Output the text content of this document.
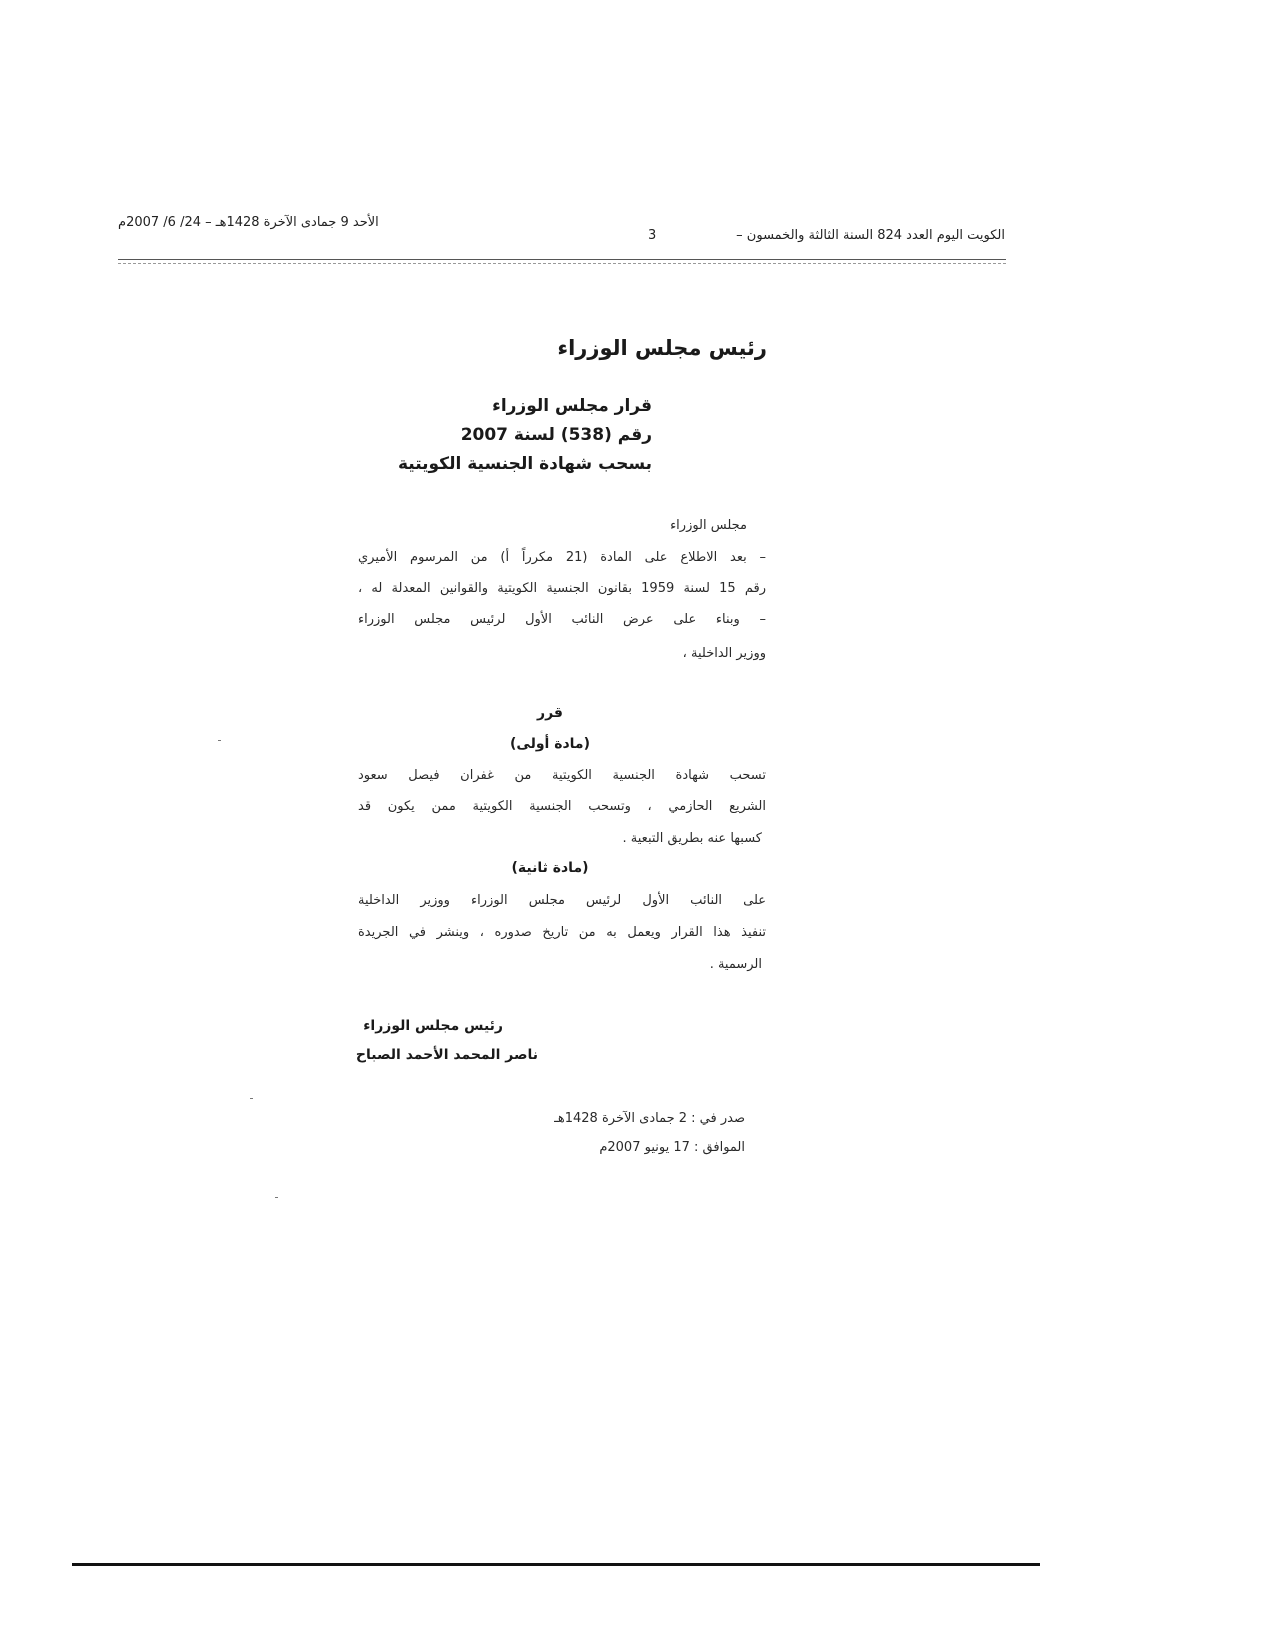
الكويت اليوم العدد 824 السنة الثالثة والخمسون –
3
الأحد 9 جمادى الآخرة 1428هـ – 24/ 6/ 2007م
رئيس مجلس الوزراء
قرار مجلس الوزراء
رقم (538) لسنة 2007
بسحب شهادة الجنسية الكويتية
مجلس الوزراء
– بعد الاطلاع على المادة (21 مكرراً أ) من المرسوم الأميري
رقم 15 لسنة 1959 بقانون الجنسية الكويتية والقوانين المعدلة له ،
– وبناء على عرض النائب الأول لرئيس مجلس الوزراء
ووزير الداخلية ،
قرر
(مادة أولى)
تسحب شهادة الجنسية الكويتية من غفران فيصل سعود
الشريع الحازمي ، وتسحب الجنسية الكويتية ممن يكون قد
كسبها عنه بطريق التبعية .
(مادة ثانية)
على النائب الأول لرئيس مجلس الوزراء ووزير الداخلية
تنفيذ هذا القرار ويعمل به من تاريخ صدوره ، وينشر في الجريدة
الرسمية .
رئيس مجلس الوزراء
ناصر المحمد الأحمد الصباح
صدر في : 2 جمادى الآخرة 1428هـ
الموافق : 17 يونيو 2007م
